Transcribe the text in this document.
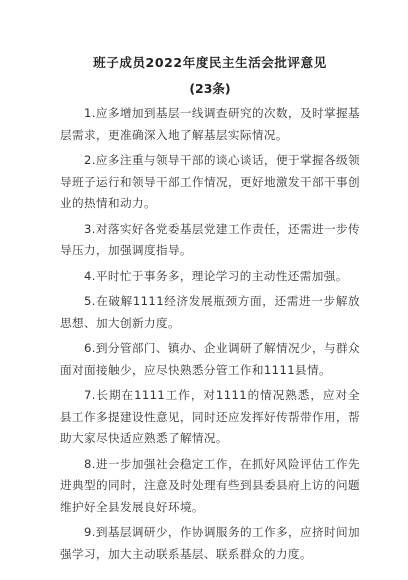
班子成员2022年度民主生活会批评意见
(23条)

1.应多增加到基层一线调查研究的次数，及时掌握基层需求，更准确深入地了解基层实际情况。

2.应多注重与领导干部的谈心谈话，便于掌握各级领导班子运行和领导干部工作情况，更好地激发干部干事创业的热情和动力。

3.对落实好各党委基层党建工作责任，还需进一步传导压力，加强调度指导。

4.平时忙于事务多，理论学习的主动性还需加强。

5.在破解1111经济发展瓶颈方面，还需进一步解放思想、加大创新力度。

6.到分管部门、镇办、企业调研了解情况少，与群众面对面接触少，应尽快熟悉分管工作和1111县情。

7.长期在1111工作，对1111的情况熟悉，应对全县工作多提建设性意见，同时还应发挥好传帮带作用，帮助大家尽快适应熟悉了解情况。

8.进一步加强社会稳定工作，在抓好风险评估工作先进典型的同时，注意及时处理有些到县委县府上访的问题维护好全县发展良好环境。

9.到基层调研少，作协调服务的工作多，应挤时间加强学习，加大主动联系基层、联系群众的力度。
